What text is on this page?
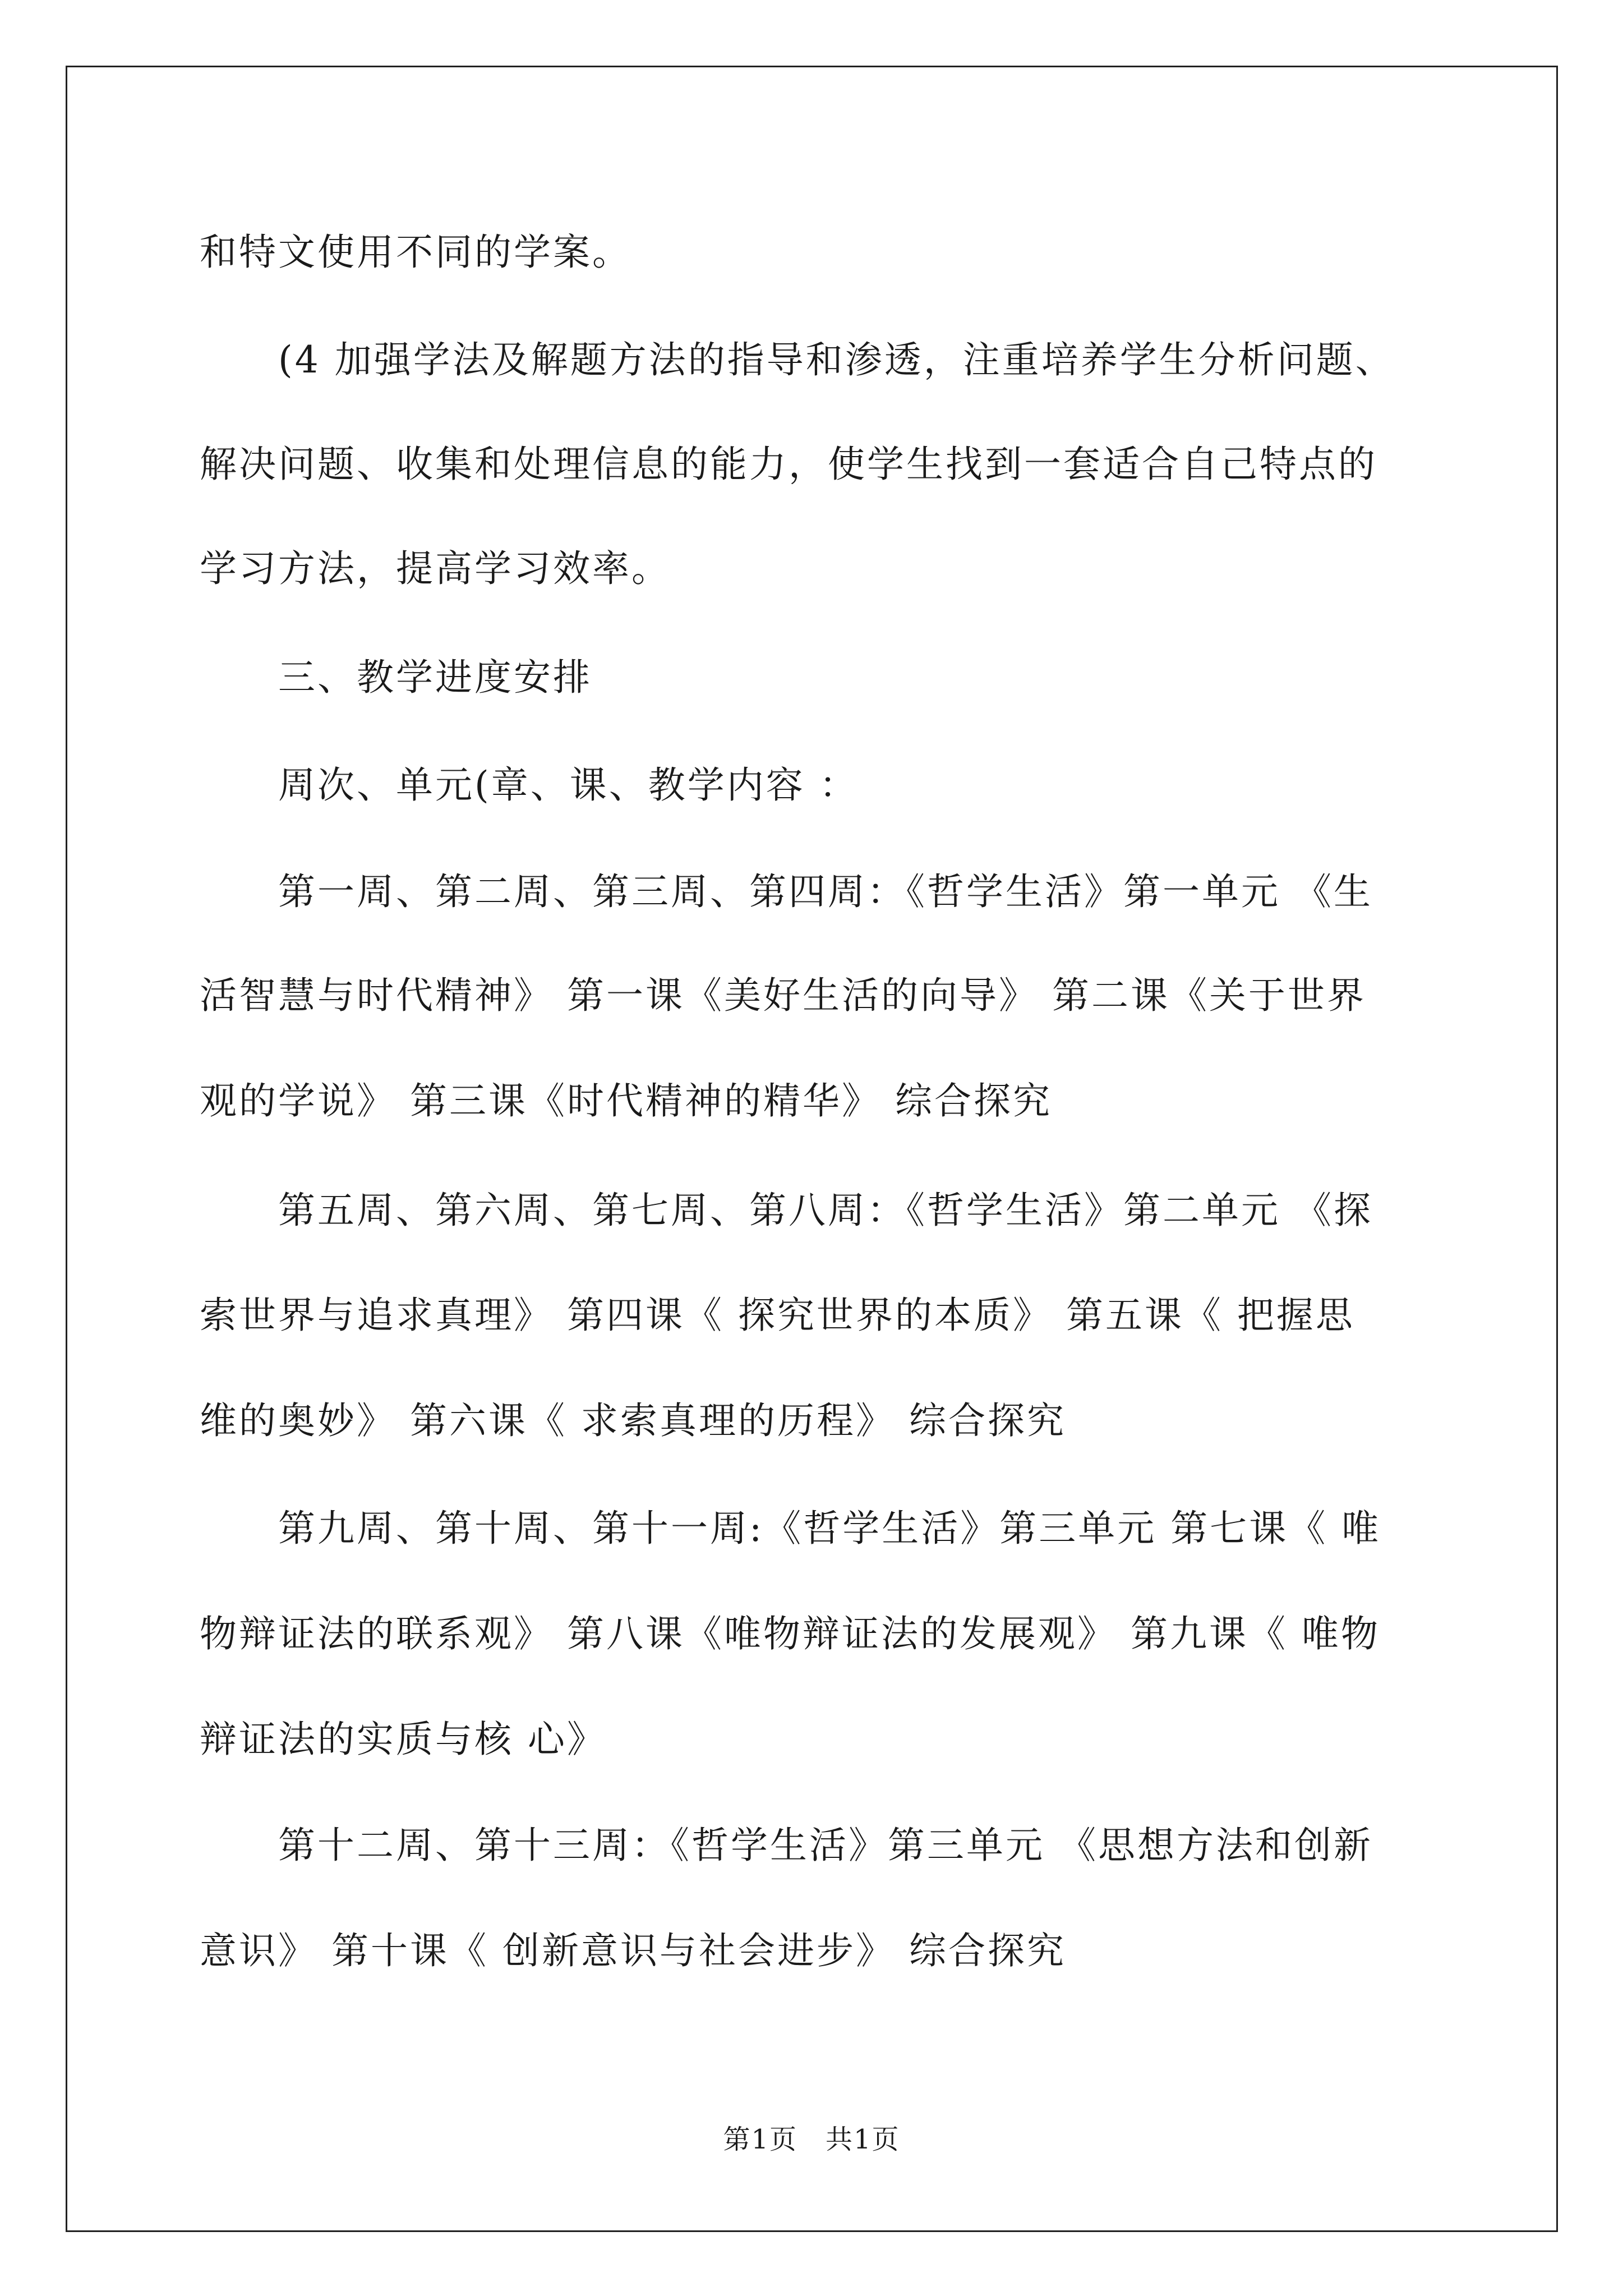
和特文使用不同的学案。
　　(4 加强学法及解题方法的指导和渗透，注重培养学生分析问题、
解决问题、收集和处理信息的能力，使学生找到一套适合自己特点的
学习方法，提高学习效率。
　　三、教学进度安排
　　周次、单元(章、课、教学内容 ：
　　第一周、第二周、第三周、第四周：《哲学生活》第一单元 《生
活智慧与时代精神》 第一课《美好生活的向导》 第二课《关于世界
观的学说》 第三课《时代精神的精华》 综合探究
　　第五周、第六周、第七周、第八周：《哲学生活》第二单元 《探
索世界与追求真理》 第四课《 探究世界的本质》 第五课《 把握思
维的奥妙》 第六课《 求索真理的历程》 综合探究
　　第九周、第十周、第十一周:《哲学生活》第三单元 第七课《 唯
物辩证法的联系观》 第八课《唯物辩证法的发展观》 第九课《 唯物
辩证法的实质与核 心》
　　第十二周、第十三周：《哲学生活》第三单元 《思想方法和创新
意识》 第十课《 创新意识与社会进步》 综合探究
第1页　共1页
